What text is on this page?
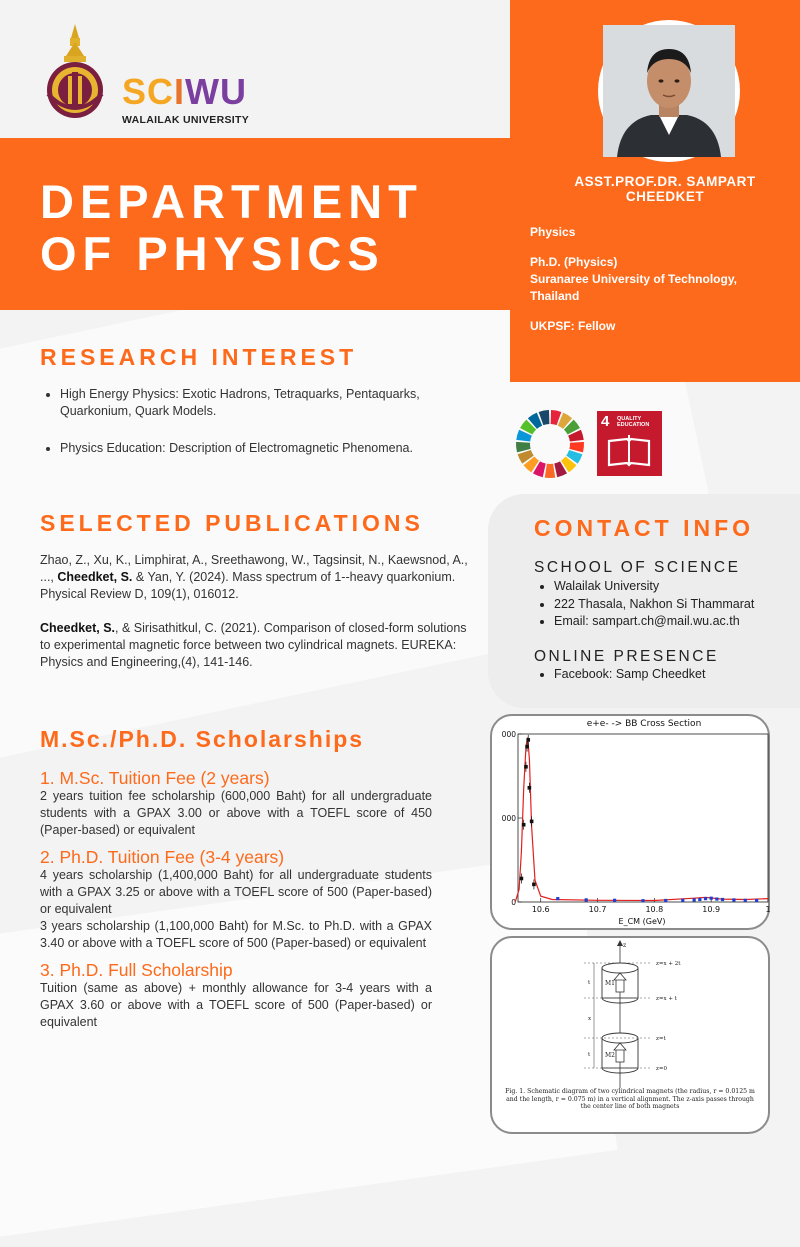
SCIWU
WALAILAK UNIVERSITY
DEPARTMENT
OF PHYSICS
ASST.PROF.DR. SAMPART CHEEDKET

Physics

Ph.D. (Physics)
Suranaree University of Technology, Thailand

UKPSF: Fellow

4 QUALITY EDUCATION
RESEARCH INTEREST
• High Energy Physics: Exotic Hadrons, Tetraquarks, Pentaquarks, Quarkonium, Quark Models.
• Physics Education: Description of Electromagnetic Phenomena.
SELECTED PUBLICATIONS

Zhao, Z., Xu, K., Limphirat, A., Sreethawong, W., Tagsinsit, N., Kaewsnod, A., ..., Cheedket, S. & Yan, Y. (2024). Mass spectrum of 1--heavy quarkonium. Physical Review D, 109(1), 016012.

Cheedket, S., & Sirisathitkul, C. (2021). Comparison of closed-form solutions to experimental magnetic force between two cylindrical magnets. EUREKA: Physics and Engineering,(4), 141-146.

M.Sc./Ph.D. Scholarships
1. M.Sc. Tuition Fee (2 years)

2 years tuition fee scholarship (600,000 Baht) for all undergraduate students with a GPAX 3.00 or above with a TOEFL score of 450 (Paper-based) or equivalent

2. Ph.D. Tuition Fee (3-4 years)

4 years scholarship (1,400,000 Baht) for all undergraduate students with a GPAX 3.25 or above with a TOEFL score of 500 (Paper-based) or equivalent

3 years scholarship (1,100,000 Baht) for M.Sc. to Ph.D. with a GPAX 3.40 or above with a TOEFL score of 500 (Paper-based) or equivalent

3. Ph.D. Full Scholarship

Tuition (same as above) + monthly allowance for 3-4 years with a GPAX 3.60 or above with a TOEFL score of 500 (Paper-based) or equivalent

CONTACT INFO
SCHOOL OF SCIENCE
• Walailak University
• 222 Thasala, Nakhon Si Thammarat
• Email: sampart.ch@mail.wu.ac.th
ONLINE PRESENCE
• Facebook: Samp Cheedket
e+e- -> BB Cross Section
E_CM (GeV)
10.6	10.7	10.8	10.9	1
0
000
000
z
M1
M2
z=x + 2t
z=x + t
z=t
z=0
t
x
t
Fig. 1. Schematic diagram of two cylindrical magnets (the radius, r = 0.0125 m and the length, r = 0.075 m) in a vertical alignment. The z-axis passes through the center line of both magnets
